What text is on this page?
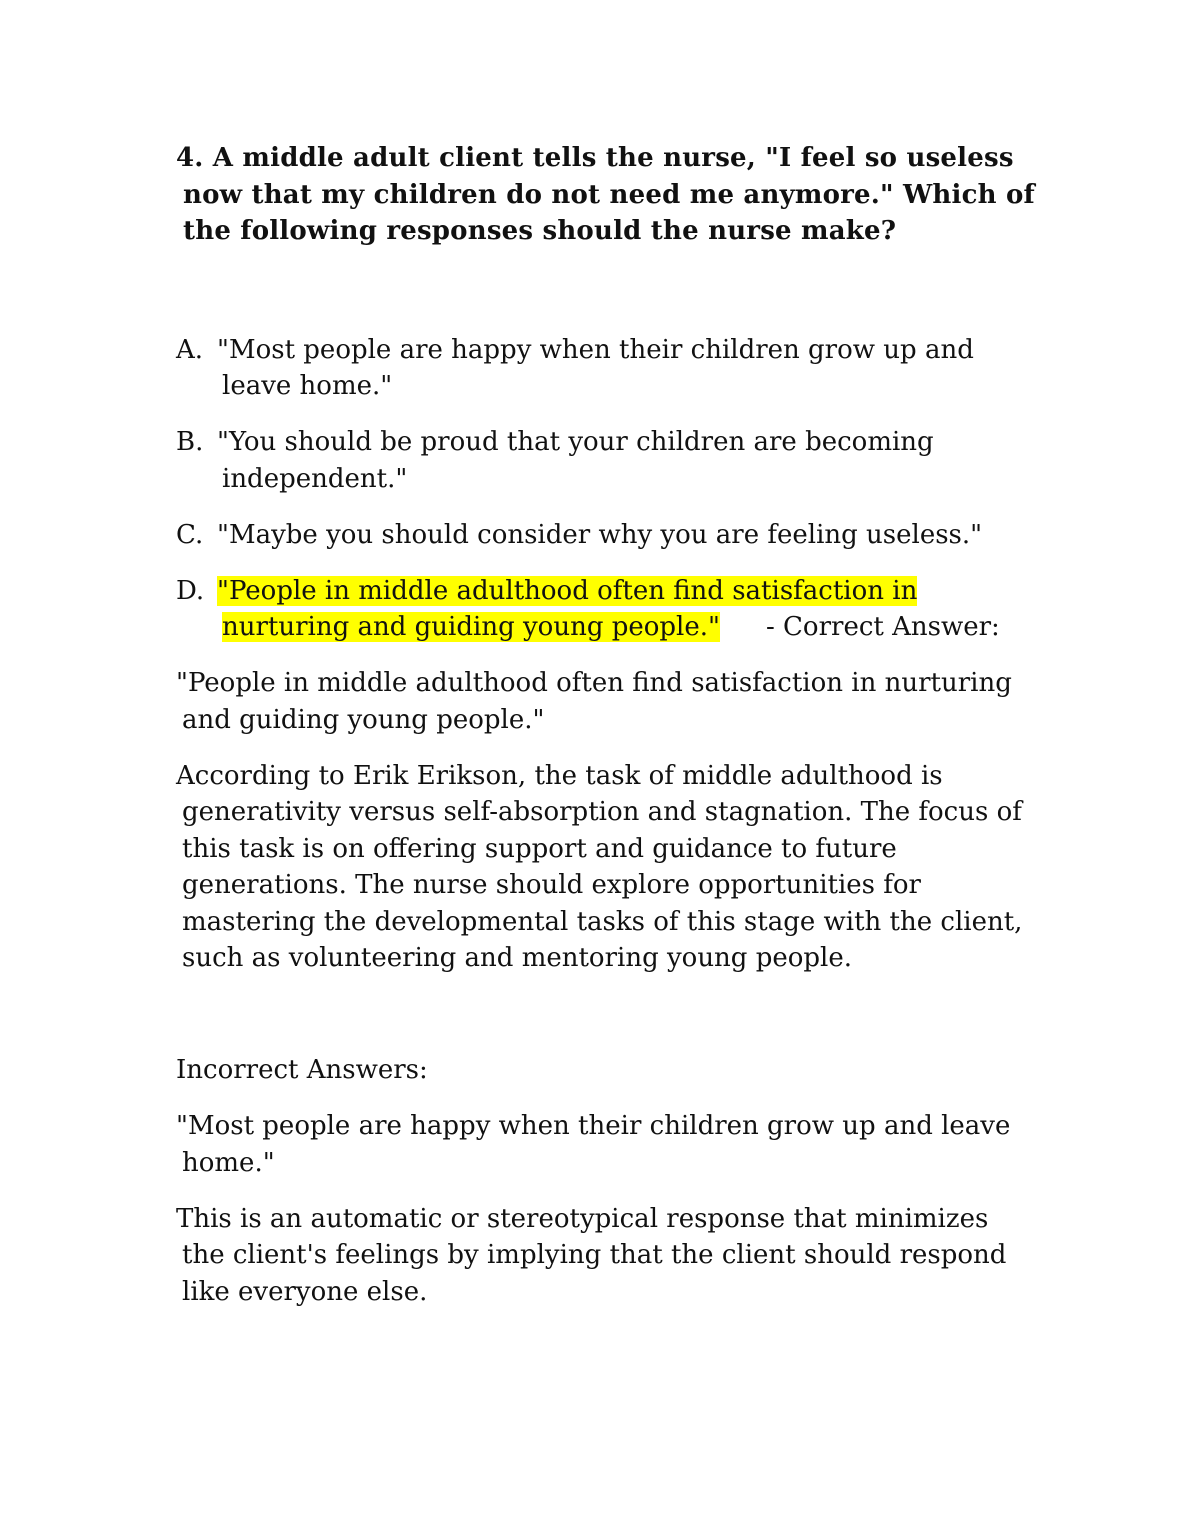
4. A middle adult client tells the nurse, "I feel so useless now that my children do not need me anymore." Which of the following responses should the nurse make?

A. "Most people are happy when their children grow up and leave home."
B. "You should be proud that your children are becoming independent."
C. "Maybe you should consider why you are feeling useless."
D. "People in middle adulthood often find satisfaction in nurturing and guiding young people." - Correct Answer:

"People in middle adulthood often find satisfaction in nurturing and guiding young people."

According to Erik Erikson, the task of middle adulthood is generativity versus self-absorption and stagnation. The focus of this task is on offering support and guidance to future generations. The nurse should explore opportunities for mastering the developmental tasks of this stage with the client, such as volunteering and mentoring young people.

Incorrect Answers:

"Most people are happy when their children grow up and leave home."

This is an automatic or stereotypical response that minimizes the client's feelings by implying that the client should respond like everyone else.
